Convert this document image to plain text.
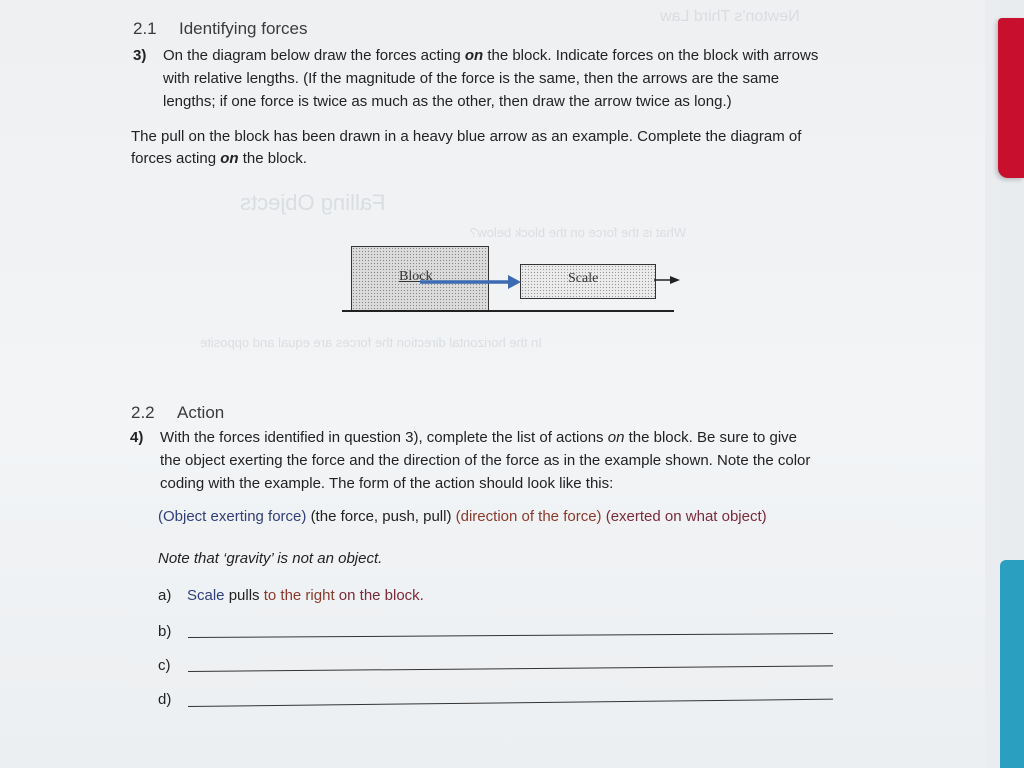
Newton's Third Law
Falling Objects
What is the force on the block below?
In the horizontal direction the forces are equal and opposite
2.1 Identifying forces
3) On the diagram below draw the forces acting on the block. Indicate forces on the block with arrows
with relative lengths. (If the magnitude of the force is the same, then the arrows are the same
lengths; if one force is twice as much as the other, then draw the arrow twice as long.)
The pull on the block has been drawn in a heavy blue arrow as an example. Complete the diagram of
forces acting on the block.
Block	Scale
2.2 Action
4) With the forces identified in question 3), complete the list of actions on the block. Be sure to give
the object exerting the force and the direction of the force as in the example shown. Note the color
coding with the example. The form of the action should look like this:
(Object exerting force) (the force, push, pull) (direction of the force) (exerted on what object)
Note that ‘gravity’ is not an object.
a) Scale pulls to the right on the block.
b)
c)
d)
